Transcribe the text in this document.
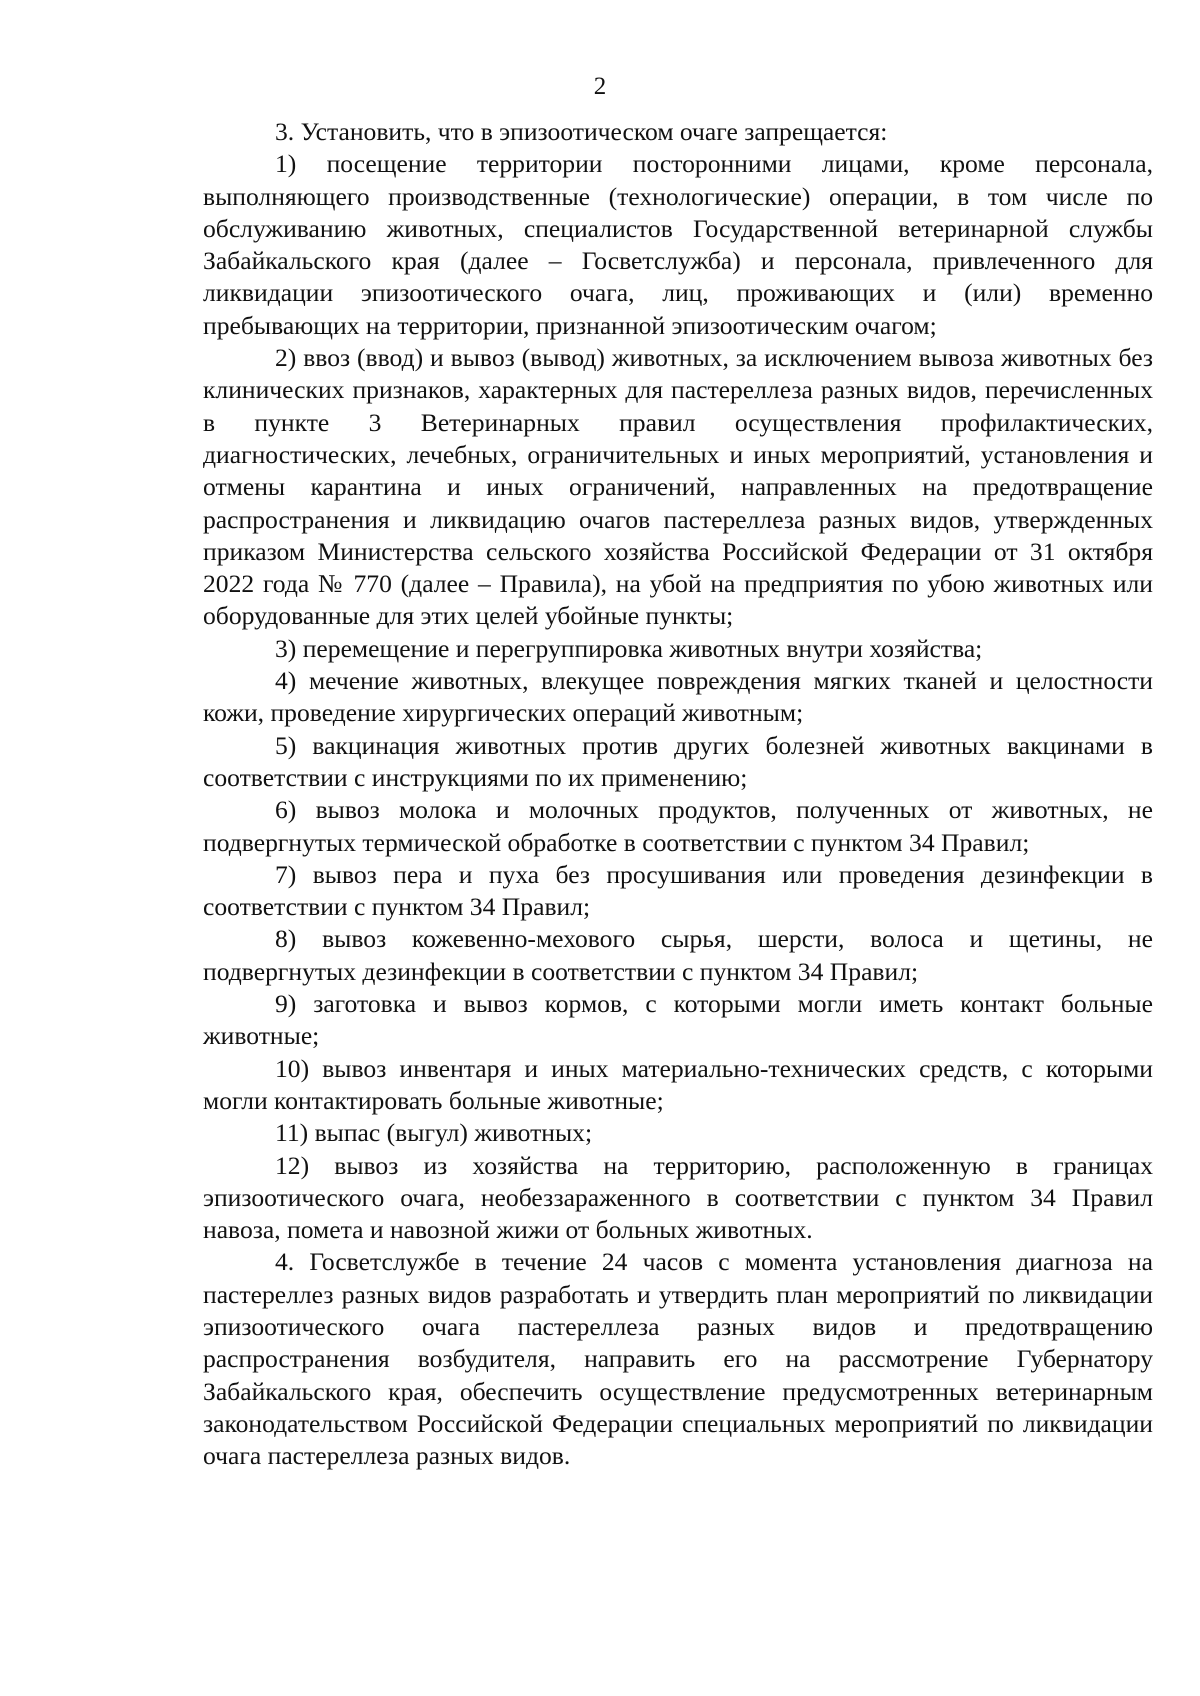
2

3. Установить, что в эпизоотическом очаге запрещается:

1) посещение территории посторонними лицами, кроме персонала, выполняющего производственные (технологические) операции, в том числе по обслуживанию животных, специалистов Государственной ветеринарной службы Забайкальского края (далее – Госветслужба) и персонала, привлеченного для ликвидации эпизоотического очага, лиц, проживающих и (или) временно пребывающих на территории, признанной эпизоотическим очагом;

2) ввоз (ввод) и вывоз (вывод) животных, за исключением вывоза животных без клинических признаков, характерных для пастереллеза разных видов, перечисленных в пункте 3 Ветеринарных правил осуществления профилактических, диагностических, лечебных, ограничительных и иных мероприятий, установления и отмены карантина и иных ограничений, направленных на предотвращение распространения и ликвидацию очагов пастереллеза разных видов, утвержденных приказом Министерства сельского хозяйства Российской Федерации от 31 октября 2022 года № 770 (далее – Правила), на убой на предприятия по убою животных или оборудованные для этих целей убойные пункты;

3) перемещение и перегруппировка животных внутри хозяйства;

4) мечение животных, влекущее повреждения мягких тканей и целостности кожи, проведение хирургических операций животным;

5) вакцинация животных против других болезней животных вакцинами в соответствии с инструкциями по их применению;

6) вывоз молока и молочных продуктов, полученных от животных, не подвергнутых термической обработке в соответствии с пунктом 34 Правил;

7) вывоз пера и пуха без просушивания или проведения дезинфекции в соответствии с пунктом 34 Правил;

8) вывоз кожевенно-мехового сырья, шерсти, волоса и щетины, не подвергнутых дезинфекции в соответствии с пунктом 34 Правил;

9) заготовка и вывоз кормов, с которыми могли иметь контакт больные животные;

10) вывоз инвентаря и иных материально-технических средств, с которыми могли контактировать больные животные;

11) выпас (выгул) животных;

12) вывоз из хозяйства на территорию, расположенную в границах эпизоотического очага, необеззараженного в соответствии с пунктом 34 Правил навоза, помета и навозной жижи от больных животных.

4. Госветслужбе в течение 24 часов с момента установления диагноза на пастереллез разных видов разработать и утвердить план мероприятий по ликвидации эпизоотического очага пастереллеза разных видов и предотвращению распространения возбудителя, направить его на рассмотрение Губернатору Забайкальского края, обеспечить осуществление предусмотренных ветеринарным законодательством Российской Федерации специальных мероприятий по ликвидации очага пастереллеза разных видов.
